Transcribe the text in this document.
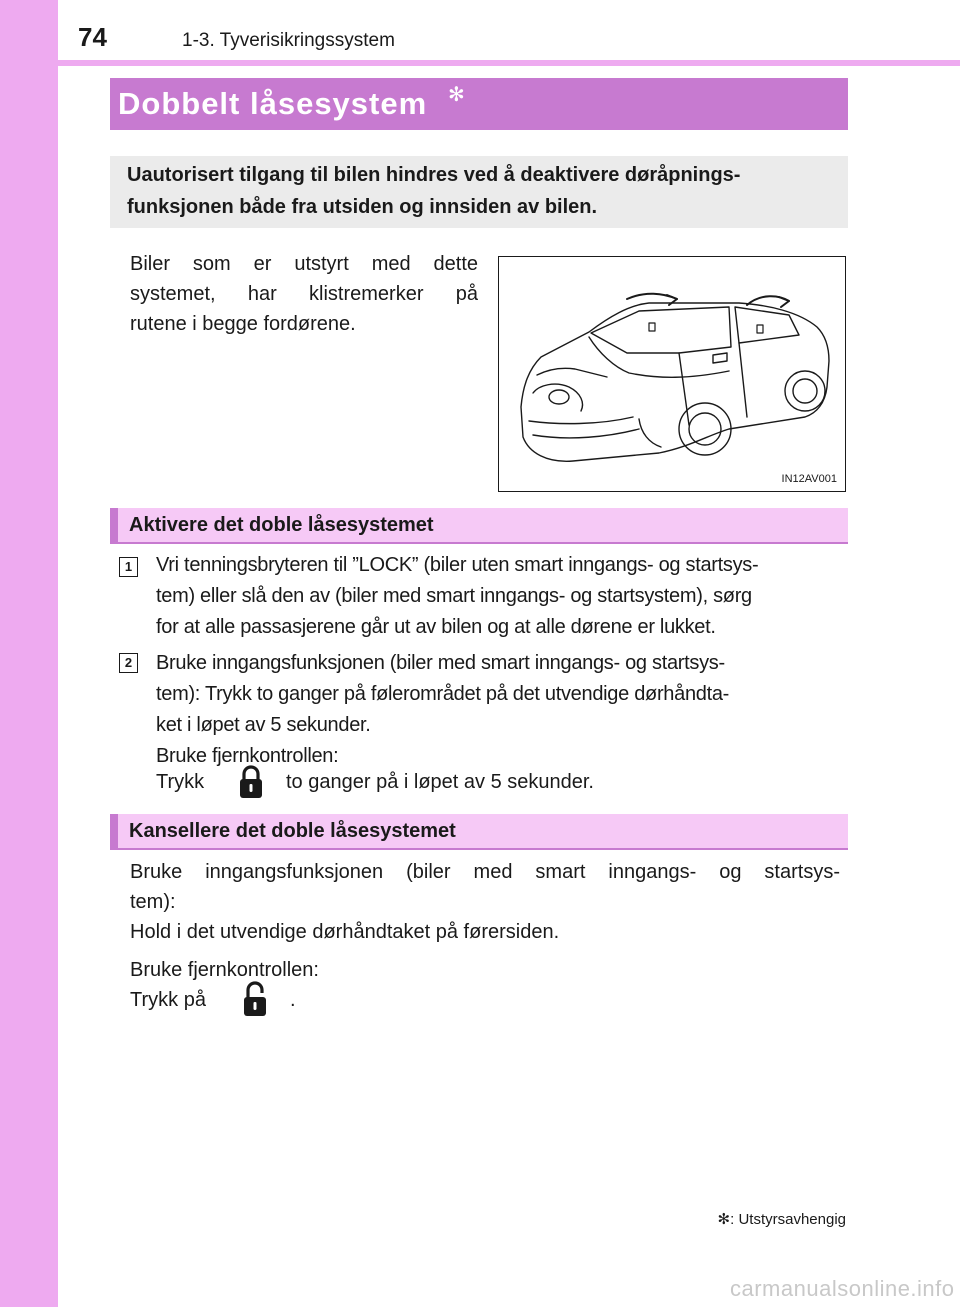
74	1-3. Tyverisikringssystem
Dobbelt låsesystem ✻
Uautorisert tilgang til bilen hindres ved å deaktivere døråpnings-
funksjonen både fra utsiden og innsiden av bilen.
Biler som er utstyrt med dette
systemet, har klistremerker på
rutene i begge fordørene.
IN12AV001
Aktivere det doble låsesystemet
1 Vri tenningsbryteren til ”LOCK” (biler uten smart inngangs- og startsys-
tem) eller slå den av (biler med smart inngangs- og startsystem), sørg
for at alle passasjerene går ut av bilen og at alle dørene er lukket.
2 Bruke inngangsfunksjonen (biler med smart inngangs- og startsys-
tem): Trykk to ganger på følerområdet på det utvendige dørhåndta-
ket i løpet av 5 sekunder.
Bruke fjernkontrollen:
Trykk	to ganger på i løpet av 5 sekunder.
Kansellere det doble låsesystemet
Bruke inngangsfunksjonen (biler med smart inngangs- og startsys-
tem):
Hold i det utvendige dørhåndtaket på førersiden.
Bruke fjernkontrollen:
Trykk på	.
✻: Utstyrsavhengig
carmanualsonline.info
